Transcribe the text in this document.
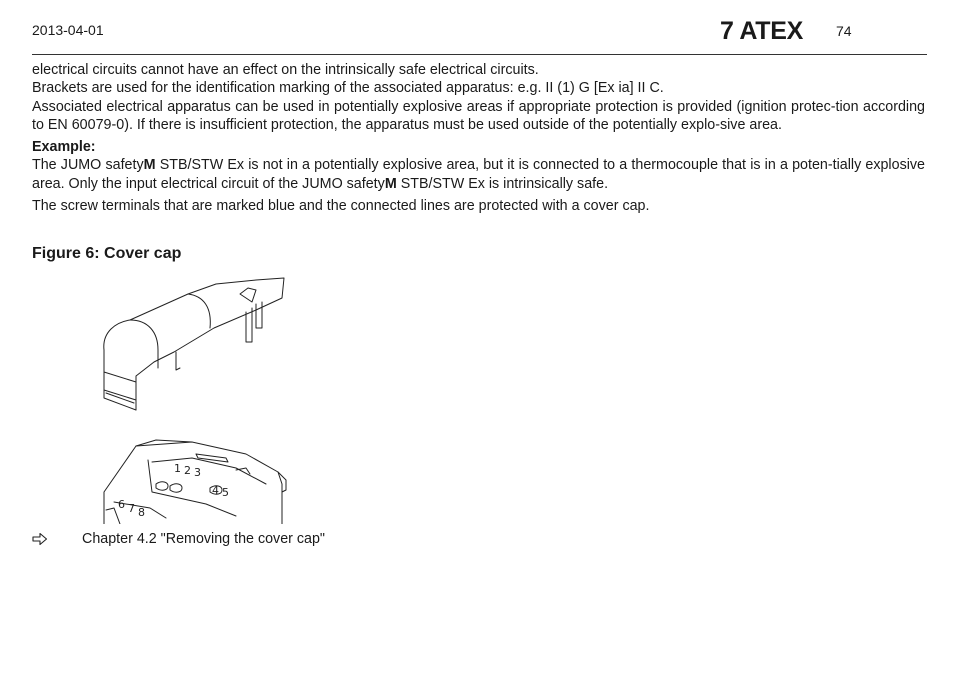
2013-04-01	7 ATEX 74

electrical circuits cannot have an effect on the intrinsically safe electrical circuits.

Brackets are used for the identification marking of the associated apparatus: e.g. II (1) G [Ex ia] II C.

Associated electrical apparatus can be used in potentially explosive areas if appropriate protection is provided (ignition protec-tion according to EN 60079-0). If there is insufficient protection, the apparatus must be used outside of the potentially explo-sive area.

Example:

The JUMO safetyM STB/STW Ex is not in a potentially explosive area, but it is connected to a thermocouple that is in a poten-tially explosive area. Only the input electrical circuit of the JUMO safetyM STB/STW Ex is intrinsically safe.

The screw terminals that are marked blue and the connected lines are protected with a cover cap.

Figure 6: Cover cap
1 2 3
4 5
6 7 8
Chapter 4.2 "Removing the cover cap"
